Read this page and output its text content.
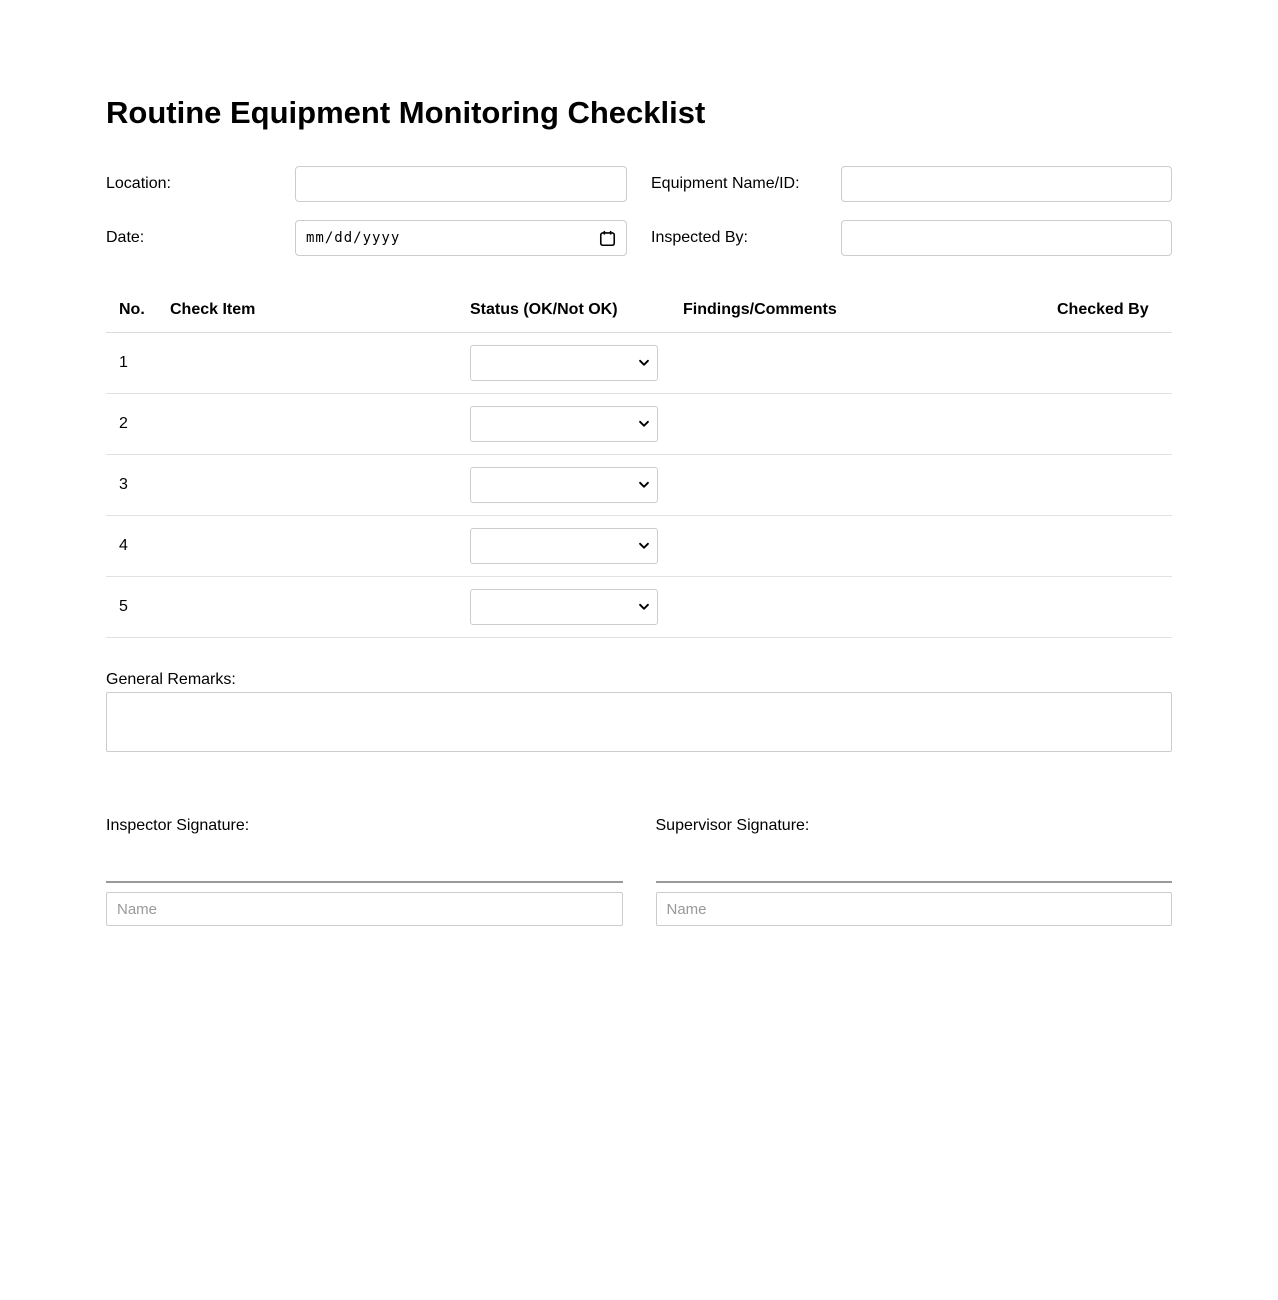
Routine Equipment Monitoring Checklist
Location:	Equipment Name/ID:
Date:	mm/dd/yyyy	Inspected By:
No.	Check Item	Status (OK/Not OK)	Findings/Comments	Checked By
1		

2		

3		

4		

5		

General Remarks:
Inspector Signature:
Name	Supervisor Signature:
Name
